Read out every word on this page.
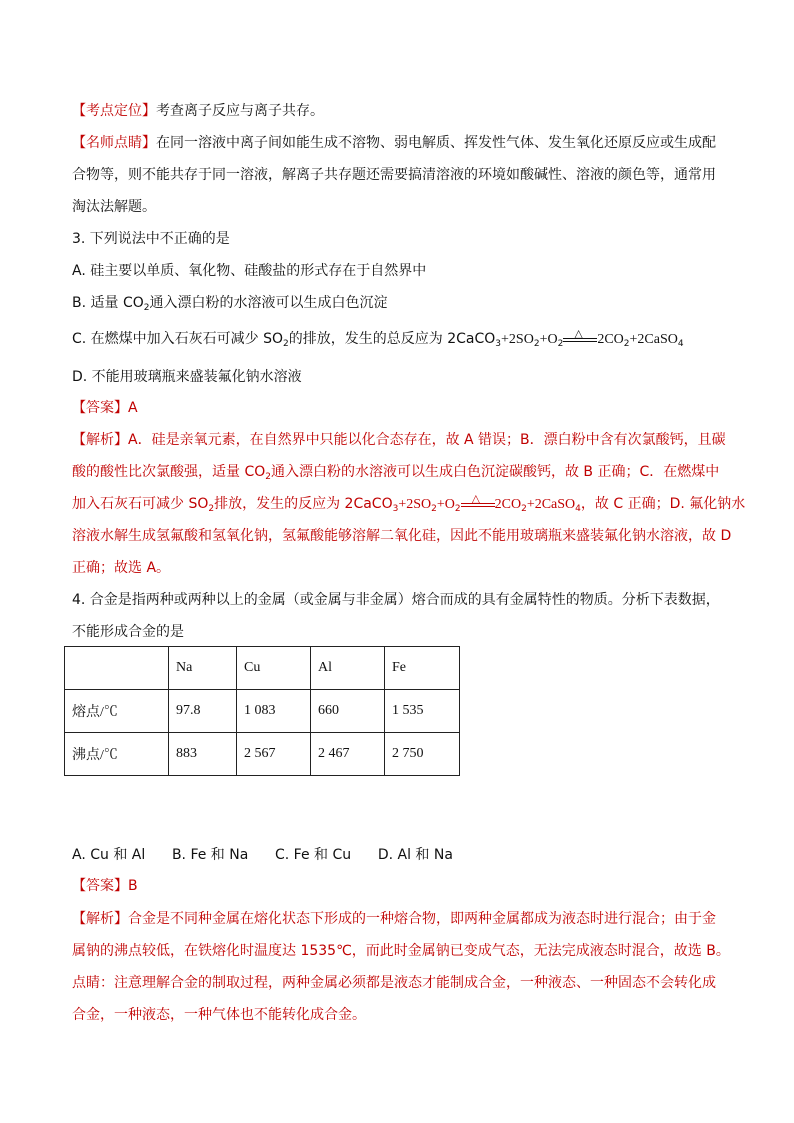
【考点定位】考查离子反应与离子共存。
【名师点睛】在同一溶液中离子间如能生成不溶物、弱电解质、挥发性气体、发生氧化还原反应或生成配
合物等，则不能共存于同一溶液，解离子共存题还需要搞清溶液的环境如酸碱性、溶液的颜色等，通常用
淘汰法解题。
3. 下列说法中不正确的是
A. 硅主要以单质、氧化物、硅酸盐的形式存在于自然界中
B. 适量 $CO_2$通入漂白粉的水溶液可以生成白色沉淀
C. 在燃煤中加入石灰石可减少 $SO_2$的排放，发生的总反应为 $2CaCO_3+2SO_2+O_2$
△ $2CO_2+2CaSO_4$
D. 不能用玻璃瓶来盛装氟化钠水溶液
【答案】A
【解析】A．硅是亲氧元素，在自然界中只能以化合态存在，故 A 错误；B．漂白粉中含有次氯酸钙，且碳
酸的酸性比次氯酸强，适量 $CO_2$通入漂白粉的水溶液可以生成白色沉淀碳酸钙，故 B 正确；C．在燃煤中
加入石灰石可减少 $SO_2$排放，发生的反应为 $2CaCO_3+2SO_2+O_2$
△ $2CO_2+2CaSO_4$，故 C 正确；D. 氟化钠水
溶液水解生成氢氟酸和氢氧化钠，氢氟酸能够溶解二氧化硅，因此不能用玻璃瓶来盛装氟化钠水溶液，故 D
正确；故选 A。
4. 合金是指两种或两种以上的金属（或金属与非金属）熔合而成的具有金属特性的物质。分析下表数据，
不能形成合金的是
	Na	Cu	Al	Fe
熔点/℃	97.8	1 083	660	1 535
沸点/℃	883	2 567	2 467	2 750
A. Cu 和 Al      B. Fe 和 Na      C. Fe 和 Cu      D. Al 和 Na
【答案】B
【解析】合金是不同种金属在熔化状态下形成的一种熔合物，即两种金属都成为液态时进行混合；由于金
属钠的沸点较低，在铁熔化时温度达 1535℃，而此时金属钠已变成气态，无法完成液态时混合，故选 B。
点睛：注意理解合金的制取过程，两种金属必须都是液态才能制成合金，一种液态、一种固态不会转化成
合金，一种液态，一种气体也不能转化成合金。
